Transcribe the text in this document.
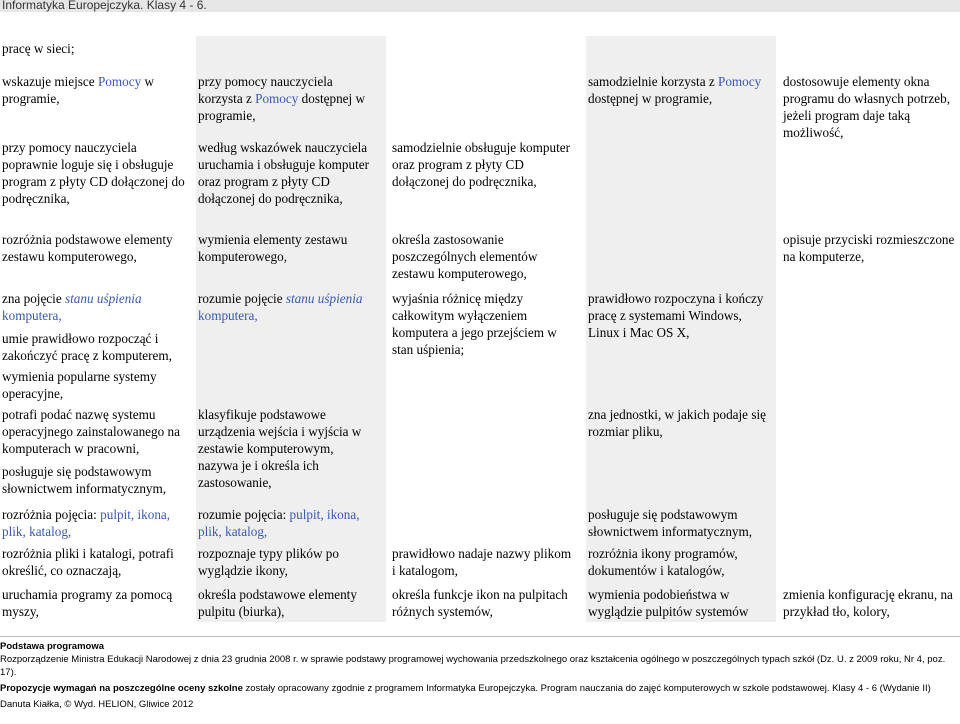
Informatyka Europejczyka. Klasy 4 - 6.

pracę w sieci;

wskazuje miejsce Pomocy w programie,

przy pomocy nauczyciela korzysta z Pomocy dostępnej w programie,

samodzielnie korzysta z Pomocy dostępnej w programie,

dostosowuje elementy okna programu do własnych potrzeb, jeżeli program daje taką możliwość,

przy pomocy nauczyciela poprawnie loguje się i obsługuje program z płyty CD dołączonej do podręcznika,

według wskazówek nauczyciela uruchamia i obsługuje komputer oraz program z płyty CD dołączonej do podręcznika,

samodzielnie obsługuje komputer oraz program z płyty CD dołączonej do podręcznika,

rozróżnia podstawowe elementy zestawu komputerowego,

wymienia elementy zestawu komputerowego,

określa zastosowanie poszczególnych elementów zestawu komputerowego,

opisuje przyciski rozmieszczone na komputerze,

zna pojęcie stanu uśpienia komputera,

umie prawidłowo rozpocząć i zakończyć pracę z komputerem,

rozumie pojęcie stanu uśpienia komputera,

wyjaśnia różnicę między całkowitym wyłączeniem komputera a jego przejściem w stan uśpienia;

prawidłowo rozpoczyna i kończy pracę z systemami Windows, Linux i Mac OS X,

wymienia popularne systemy operacyjne,

potrafi podać nazwę systemu operacyjnego zainstalowanego na komputerach w pracowni,

posługuje się podstawowym słownictwem informatycznym,

klasyfikuje podstawowe urządzenia wejścia i wyjścia w zestawie komputerowym, nazywa je i określa ich zastosowanie,

zna jednostki, w jakich podaje się rozmiar pliku,

rozróżnia pojęcia: pulpit, ikona, plik, katalog,

rozumie pojęcia: pulpit, ikona, plik, katalog,

posługuje się podstawowym słownictwem informatycznym,

rozróżnia pliki i katalogi, potrafi określić, co oznaczają,

rozpoznaje typy plików po wyglądzie ikony,

prawidłowo nadaje nazwy plikom i katalogom,

rozróżnia ikony programów, dokumentów i katalogów,

uruchamia programy za pomocą myszy,

określa podstawowe elementy pulpitu (biurka),

określa funkcje ikon na pulpitach różnych systemów,

wymienia podobieństwa w wyglądzie pulpitów systemów

zmienia konfigurację ekranu, na przykład tło, kolory,

Podstawa programowa
Rozporządzenie Ministra Edukacji Narodowej z dnia 23 grudnia 2008 r. w sprawie podstawy programowej wychowania przedszkolnego oraz kształcenia ogólnego w poszczególnych typach szkół (Dz. U. z 2009 roku, Nr 4, poz. 17).
Propozycje wymagań na poszczególne oceny szkolne zostały opracowany zgodnie z programem Informatyka Europejczyka. Program nauczania do zajęć komputerowych w szkole podstawowej. Klasy 4 - 6 (Wydanie II)
Danuta Kiałka, © Wyd. HELION, Gliwice 2012
